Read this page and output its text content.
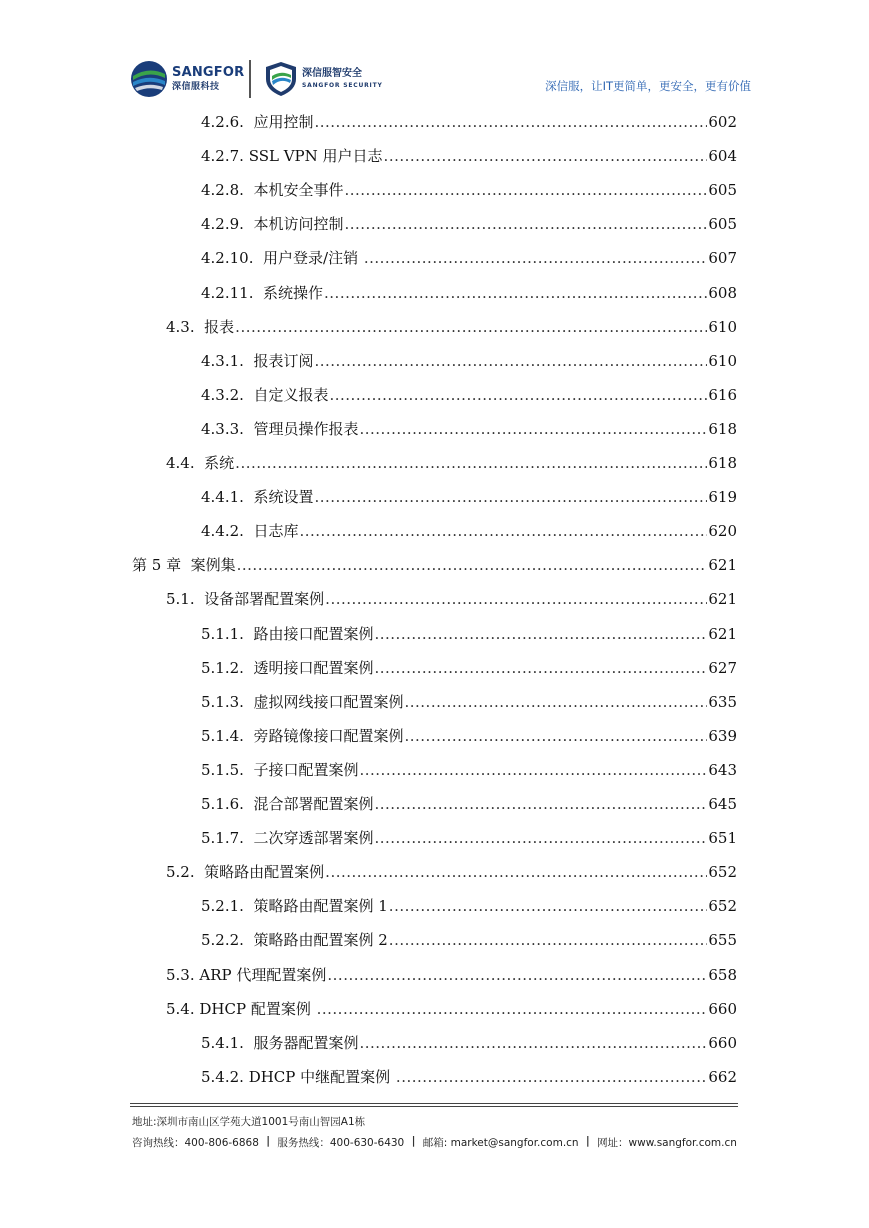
SANGFOR
深信服科技
深信服智安全
SANGFOR SECURITY	深信服，让IT更简单，更安全，更有价值
4.2.6.  应用控制 .....	602
4.2.7. SSL VPN 用户日志 .....	604
4.2.8.  本机安全事件 .....	605
4.2.9.  本机访问控制 .....	605
4.2.10.  用户登录/注销 .....	607
4.2.11.  系统操作 .....	608
4.3.  报表 .....	610
4.3.1.  报表订阅 .....	610
4.3.2.  自定义报表 .....	616
4.3.3.  管理员操作报表 .....	618
4.4.  系统 .....	618
4.4.1.  系统设置 .....	619
4.4.2.  日志库 .....	620
第 5 章  案例集 .....	621
5.1.  设备部署配置案例 .....	621
5.1.1.  路由接口配置案例 .....	621
5.1.2.  透明接口配置案例 .....	627
5.1.3.  虚拟网线接口配置案例 .....	635
5.1.4.  旁路镜像接口配置案例 .....	639
5.1.5.  子接口配置案例 .....	643
5.1.6.  混合部署配置案例 .....	645
5.1.7.  二次穿透部署案例 .....	651
5.2.  策略路由配置案例 .....	652
5.2.1.  策略路由配置案例 1 .....	652
5.2.2.  策略路由配置案例 2 .....	655
5.3. ARP 代理配置案例 .....	658
5.4. DHCP 配置案例 .....	660
5.4.1.  服务器配置案例 .....	660
5.4.2. DHCP 中继配置案例 .....	662
地址:深圳市南山区学苑大道1001号南山智园A1栋
咨询热线：400-806-6868 | 服务热线：400-630-6430 | 邮箱: market@sangfor.com.cn | 网址：www.sangfor.com.cn
